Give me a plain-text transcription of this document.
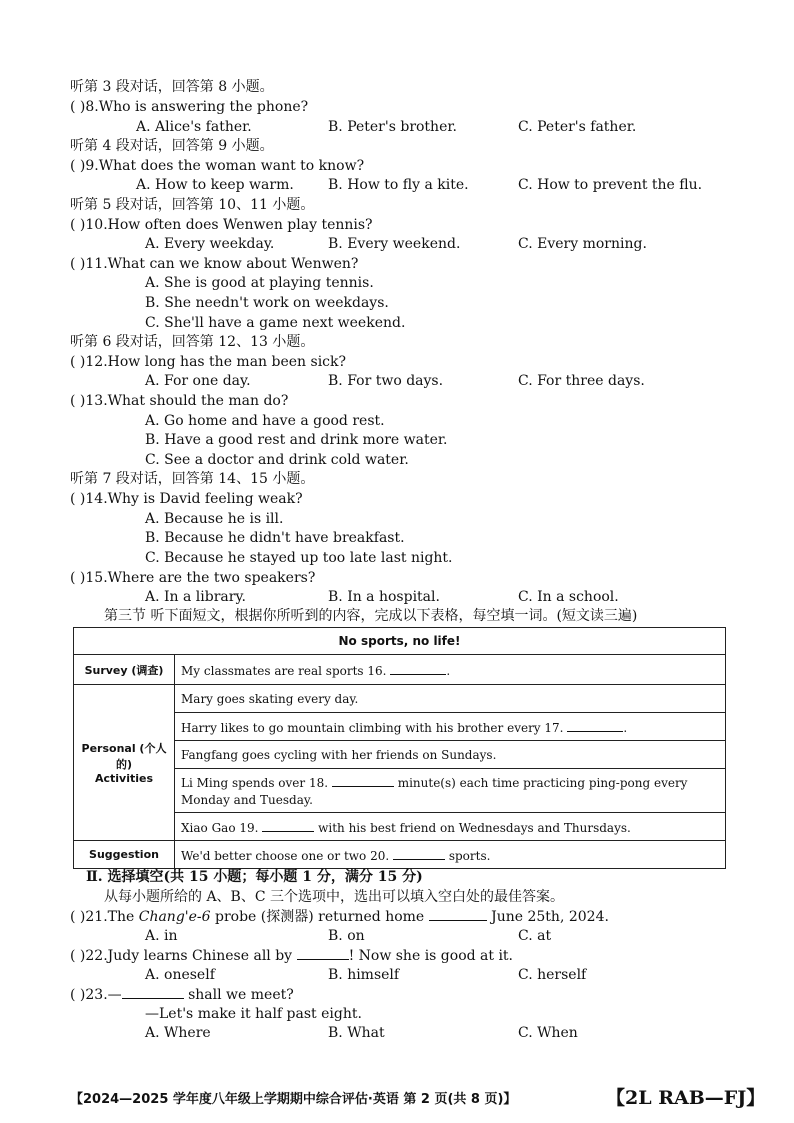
听第 3 段对话，回答第 8 小题。
( )8.Who is answering the phone?
A. Alice's father.	B. Peter's brother.	C. Peter's father.
听第 4 段对话，回答第 9 小题。
( )9.What does the woman want to know?
A. How to keep warm. B. How to fly a kite.	C. How to prevent the flu.
听第 5 段对话，回答第 10、11 小题。
( )10.How often does Wenwen play tennis?
A. Every weekday.	B. Every weekend.	C. Every morning.
( )11.What can we know about Wenwen?
A. She is good at playing tennis.
B. She needn't work on weekdays.
C. She'll have a game next weekend.
听第 6 段对话，回答第 12、13 小题。
( )12.How long has the man been sick?
A. For one day.	B. For two days.	C. For three days.
( )13.What should the man do?
A. Go home and have a good rest.
B. Have a good rest and drink more water.
C. See a doctor and drink cold water.
听第 7 段对话，回答第 14、15 小题。
( )14.Why is David feeling weak?
A. Because he is ill.
B. Because he didn't have breakfast.
C. Because he stayed up too late last night.
( )15.Where are the two speakers?
A. In a library.	B. In a hospital.	C. In a school.
第三节 听下面短文，根据你所听到的内容，完成以下表格，每空填一词。(短文读三遍)
No sports, no life!	
Survey (调查)	My classmates are real sports 16. .

Personal (个人的)
Activities	Mary goes skating every day.
	Harry likes to go mountain climbing with his brother every 17. .
	Fangfang goes cycling with her friends on Sundays.
	Li Ming spends over 18. minute(s) each time practicing ping-pong every
Monday and Tuesday.
	Xiao Gao 19. with his best friend on Wednesdays and Thursdays.
Suggestion	We'd better choose one or two 20. sports.
Ⅱ. 选择填空(共 15 小题；每小题 1 分，满分 15 分)
从每小题所给的 A、B、C 三个选项中，选出可以填入空白处的最佳答案。
( )21.The Chang'e-6 probe (探测器) returned home	June 25th, 2024.
A. in	B. on	C. at
( )22.Judy learns Chinese all by	! Now she is good at it.
A. oneself	B. himself	C. herself
( )23.—	shall we meet?
—Let's make it half past eight.
A. Where	B. What	C. When
【2024—2025 学年度八年级上学期期中综合评估·英语 第 2 页(共 8 页)】	【2L RAB—FJ】
